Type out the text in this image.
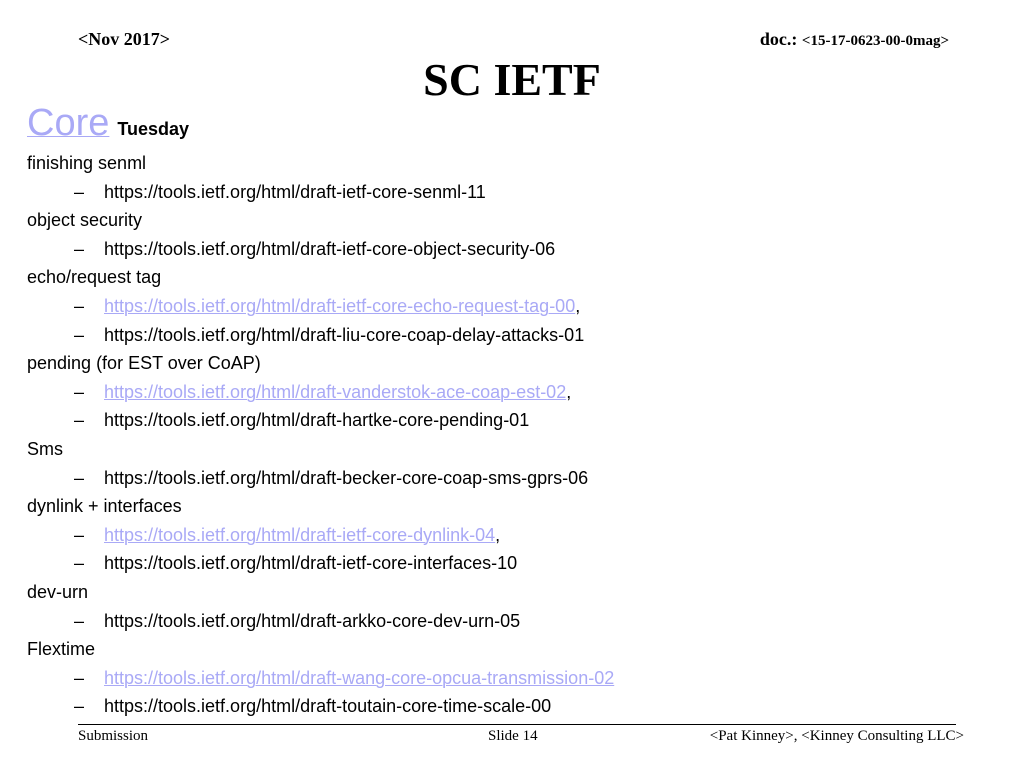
<Nov 2017>	doc.: <15-17-0623-00-0mag>
SC IETF
Core Tuesday
finishing senml
– https://tools.ietf.org/html/draft-ietf-core-senml-11
object security
– https://tools.ietf.org/html/draft-ietf-core-object-security-06
echo/request tag
– https://tools.ietf.org/html/draft-ietf-core-echo-request-tag-00,
– https://tools.ietf.org/html/draft-liu-core-coap-delay-attacks-01
pending (for EST over CoAP)
– https://tools.ietf.org/html/draft-vanderstok-ace-coap-est-02,
– https://tools.ietf.org/html/draft-hartke-core-pending-01
Sms
– https://tools.ietf.org/html/draft-becker-core-coap-sms-gprs-06
dynlink + interfaces
– https://tools.ietf.org/html/draft-ietf-core-dynlink-04,
– https://tools.ietf.org/html/draft-ietf-core-interfaces-10
dev-urn
– https://tools.ietf.org/html/draft-arkko-core-dev-urn-05
Flextime
– https://tools.ietf.org/html/draft-wang-core-opcua-transmission-02
– https://tools.ietf.org/html/draft-toutain-core-time-scale-00
Submission	Slide 14	<Pat Kinney>, <Kinney Consulting LLC>
